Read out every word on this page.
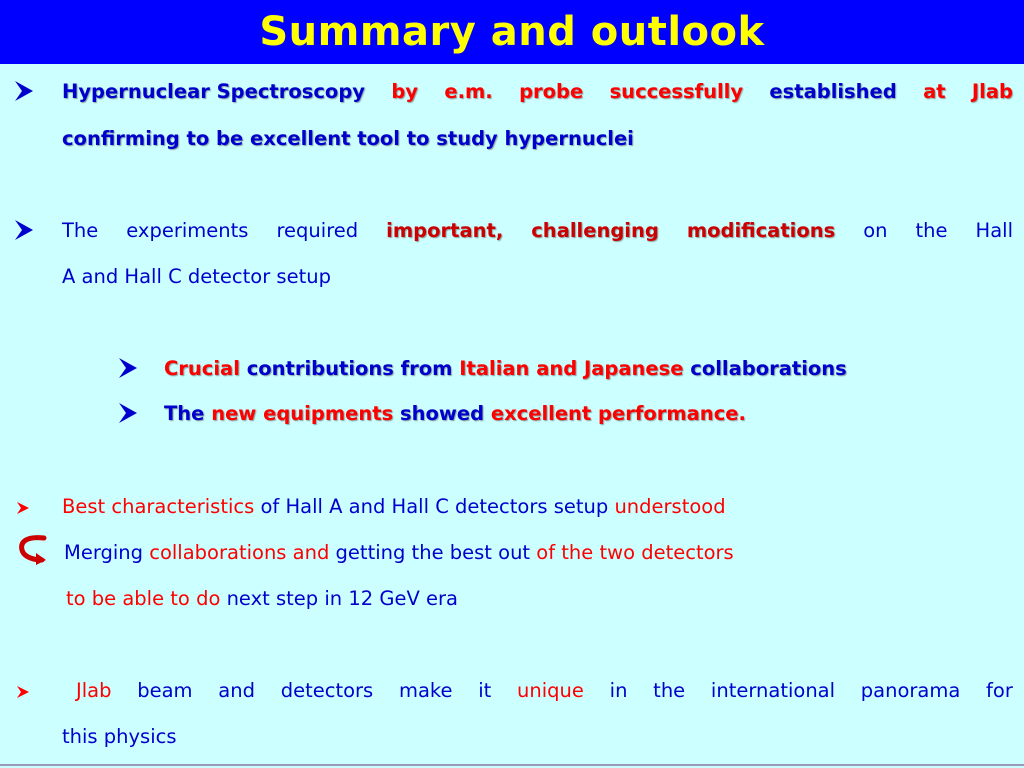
Summary and outlook
Hypernuclear Spectroscopy by e.m. probe successfully established at Jlab
confirming to be excellent tool to study hypernuclei
The experiments required important, challenging modifications on the Hall
A and Hall C detector setup
Crucial contributions from Italian and Japanese collaborations
The new equipments showed excellent performance.
Best characteristics of Hall A and Hall C detectors setup understood
Merging collaborations and getting the best out of the two detectors
to be able to do next step in 12 GeV era
Jlab beam and detectors make it unique in the international panorama for
this physics
